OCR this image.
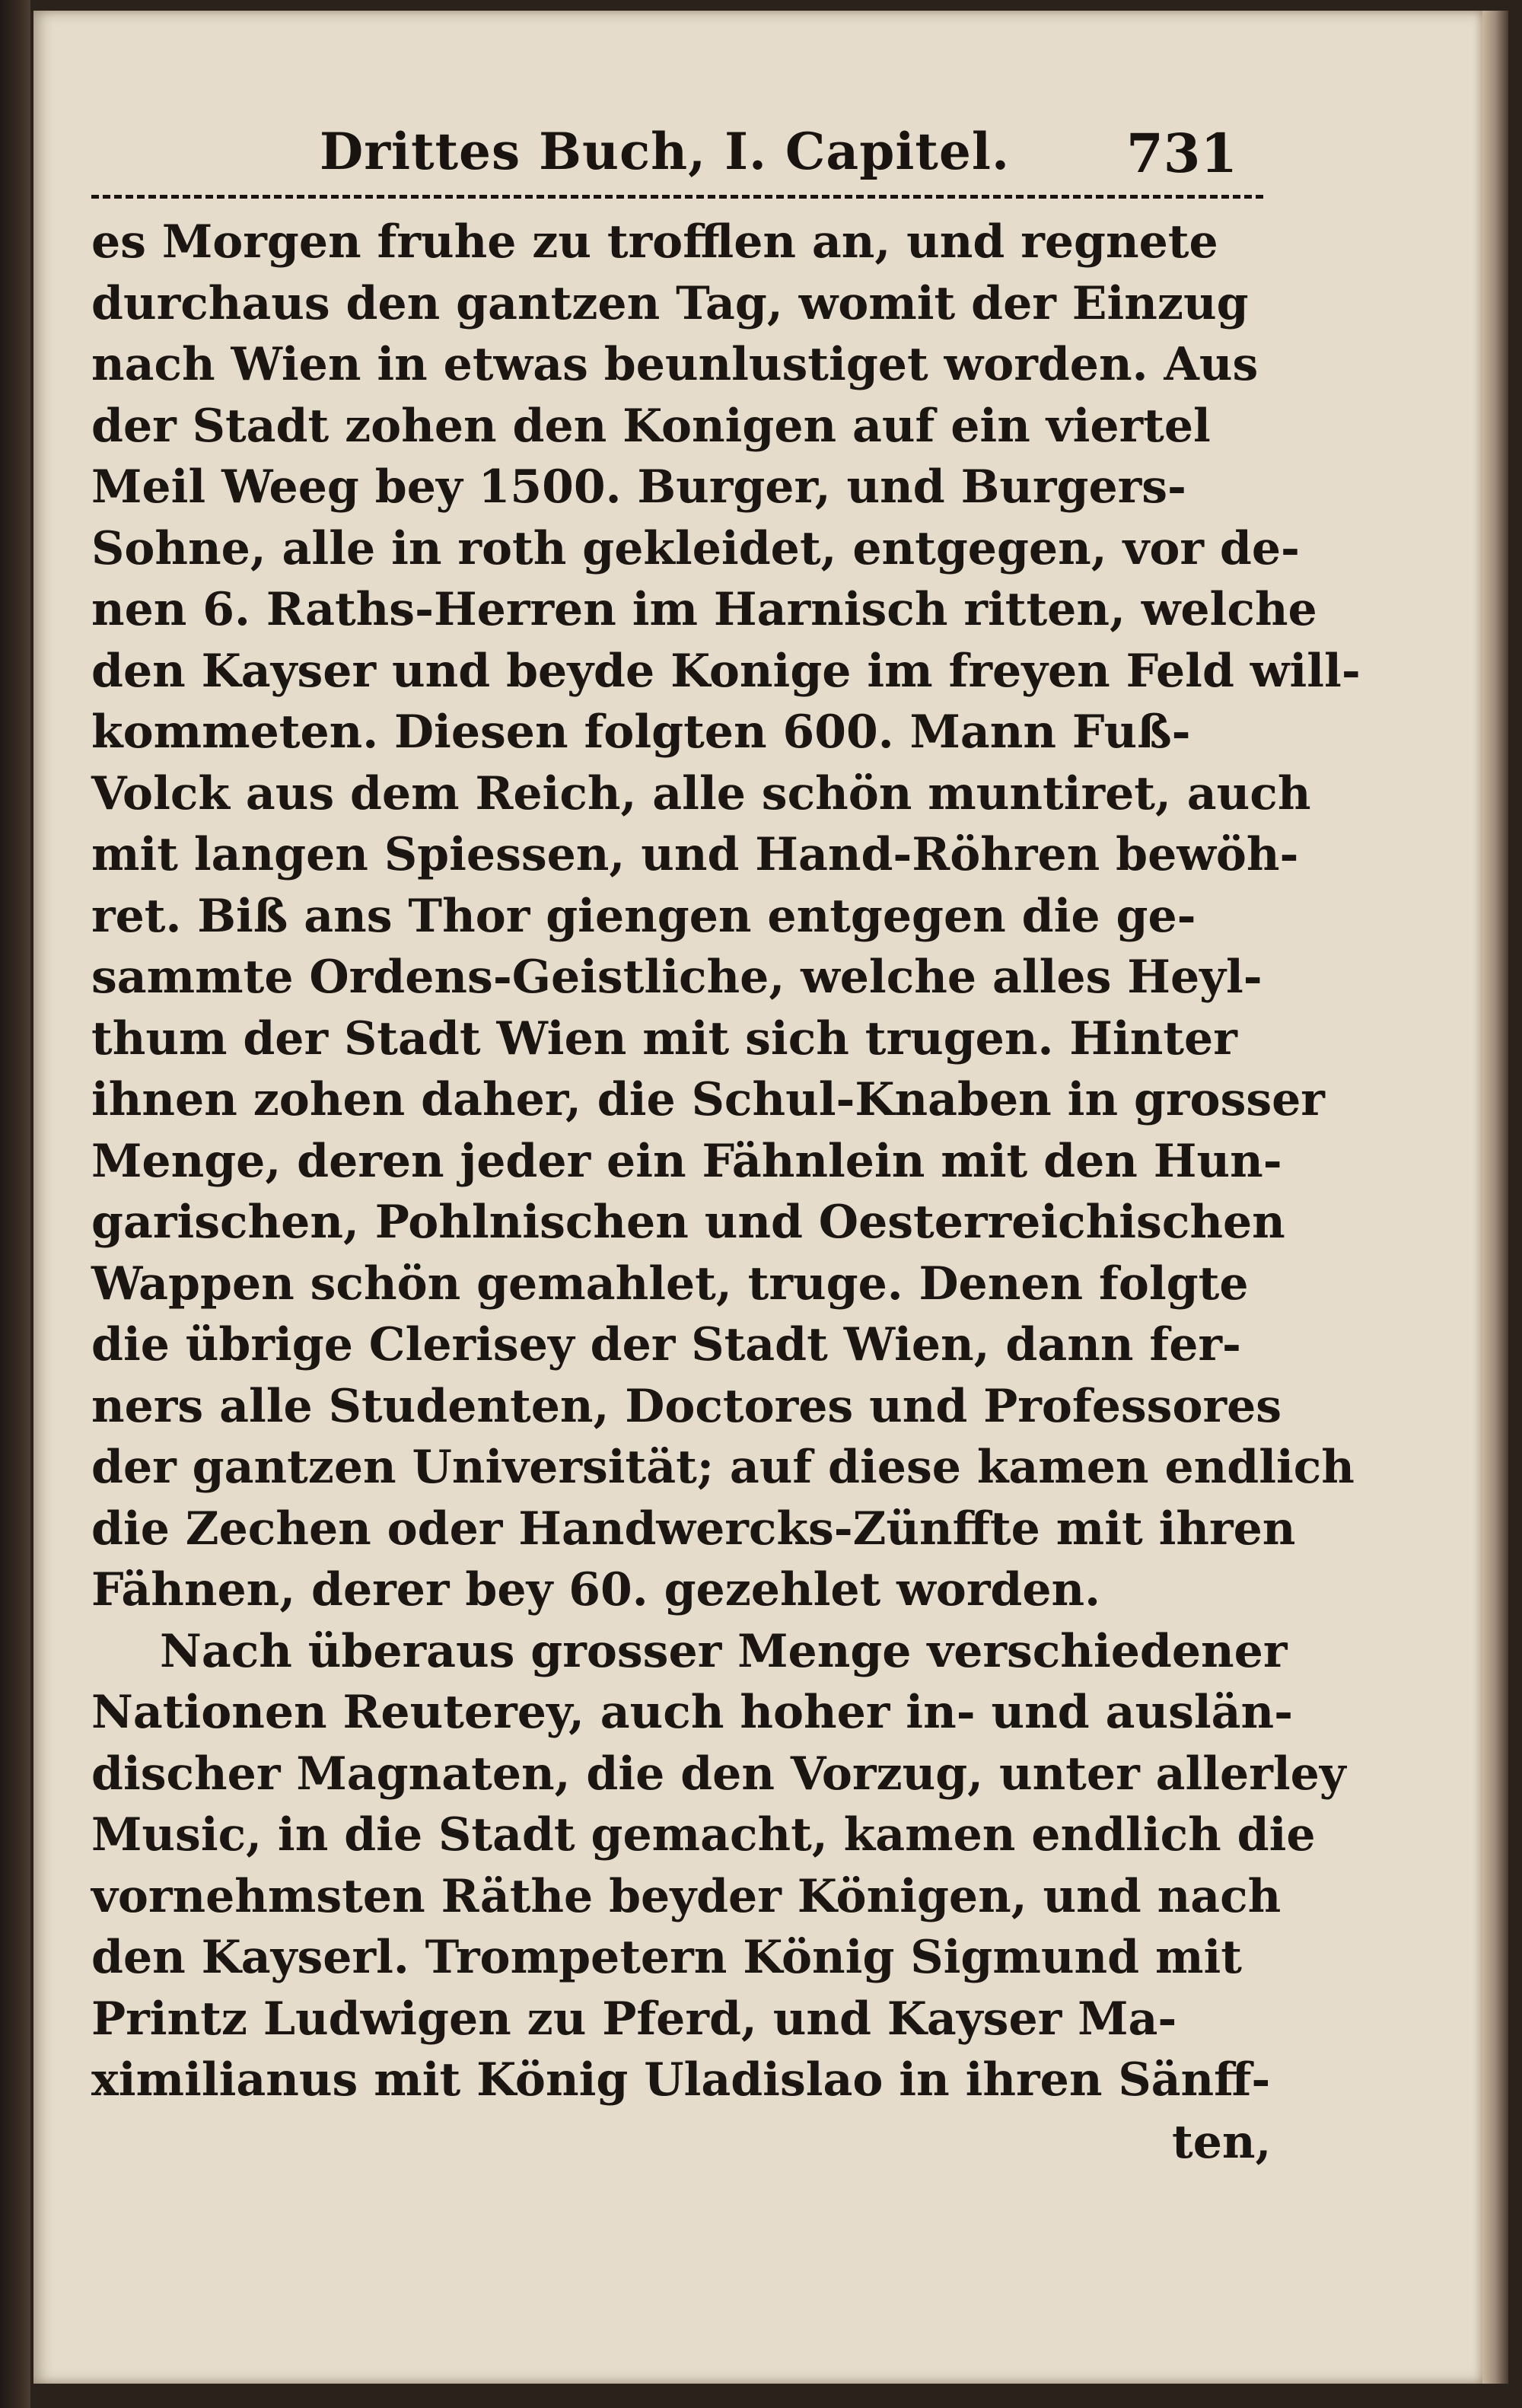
Drittes Buch, I. Capitel. 731
es Morgen fruhe zu trofflen an, und regnete
durchaus den gantzen Tag, womit der Einzug
nach Wien in etwas beunlustiget worden. Aus
der Stadt zohen den Konigen auf ein viertel
Meil Weeg bey 1500. Burger, und Burgers-
Sohne, alle in roth gekleidet, entgegen, vor de-
nen 6. Raths-Herren im Harnisch ritten, welche
den Kayser und beyde Konige im freyen Feld will-
kommeten. Diesen folgten 600. Mann Fuß-
Volck aus dem Reich, alle schön muntiret, auch
mit langen Spiessen, und Hand-Röhren bewöh-
ret. Biß ans Thor giengen entgegen die ge-
sammte Ordens-Geistliche, welche alles Heyl-
thum der Stadt Wien mit sich trugen. Hinter
ihnen zohen daher, die Schul-Knaben in grosser
Menge, deren jeder ein Fähnlein mit den Hun-
garischen, Pohlnischen und Oesterreichischen
Wappen schön gemahlet, truge. Denen folgte
die übrige Clerisey der Stadt Wien, dann fer-
ners alle Studenten, Doctores und Professores
der gantzen Universität; auf diese kamen endlich
die Zechen oder Handwercks-Zünffte mit ihren
Fähnen, derer bey 60. gezehlet worden.
Nach überaus grosser Menge verschiedener
Nationen Reuterey, auch hoher in- und auslän-
discher Magnaten, die den Vorzug, unter allerley
Music, in die Stadt gemacht, kamen endlich die
vornehmsten Räthe beyder Königen, und nach
den Kayserl. Trompetern König Sigmund mit
Printz Ludwigen zu Pferd, und Kayser Ma-
ximilianus mit König Uladislao in ihren Sänff-
ten,
